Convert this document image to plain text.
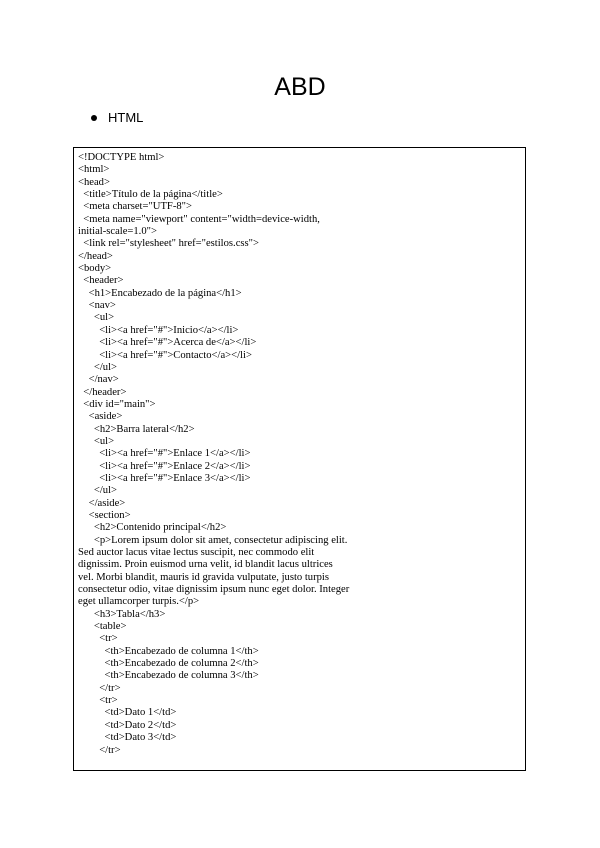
ABD
HTML
<!DOCTYPE html>
<html>
<head>
<title>Título de la página</title>
<meta charset="UTF-8">
<meta name="viewport" content="width=device-width,
initial-scale=1.0">
<link rel="stylesheet" href="estilos.css">
</head>
<body>
<header>
<h1>Encabezado de la página</h1>
<nav>
<ul>
<li><a href="#">Inicio</a></li>
<li><a href="#">Acerca de</a></li>
<li><a href="#">Contacto</a></li>
</ul>
</nav>
</header>
<div id="main">
<aside>
<h2>Barra lateral</h2>
<ul>
<li><a href="#">Enlace 1</a></li>
<li><a href="#">Enlace 2</a></li>
<li><a href="#">Enlace 3</a></li>
</ul>
</aside>
<section>
<h2>Contenido principal</h2>
<p>Lorem ipsum dolor sit amet, consectetur adipiscing elit.
Sed auctor lacus vitae lectus suscipit, nec commodo elit
dignissim. Proin euismod urna velit, id blandit lacus ultrices
vel. Morbi blandit, mauris id gravida vulputate, justo turpis
consectetur odio, vitae dignissim ipsum nunc eget dolor. Integer
eget ullamcorper turpis.</p>
<h3>Tabla</h3>
<table>
<tr>
<th>Encabezado de columna 1</th>
<th>Encabezado de columna 2</th>
<th>Encabezado de columna 3</th>
</tr>
<tr>
<td>Dato 1</td>
<td>Dato 2</td>
<td>Dato 3</td>
</tr>
